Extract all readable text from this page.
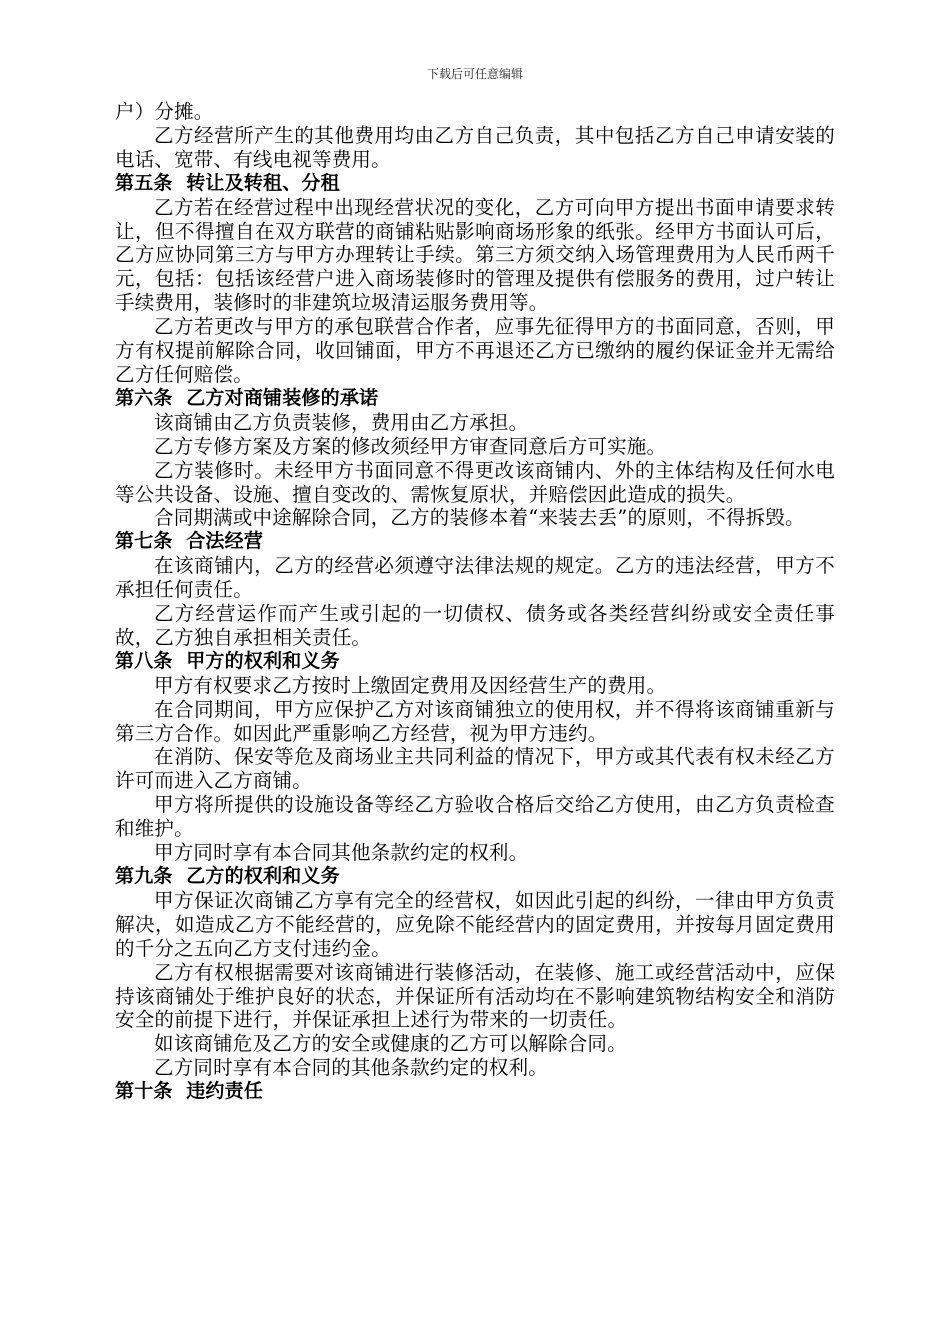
下载后可任意编辑

户）分摊。

乙方经营所产生的其他费用均由乙方自己负责，其中包括乙方自己申请安装的电话、宽带、有线电视等费用。

第五条  转让及转租、分租

乙方若在经营过程中出现经营状况的变化，乙方可向甲方提出书面申请要求转让，但不得擅自在双方联营的商铺粘贴影响商场形象的纸张。经甲方书面认可后，乙方应协同第三方与甲方办理转让手续。第三方须交纳入场管理费用为人民币两千元，包括：包括该经营户进入商场装修时的管理及提供有偿服务的费用，过户转让手续费用，装修时的非建筑垃圾清运服务费用等。

乙方若更改与甲方的承包联营合作者，应事先征得甲方的书面同意，否则，甲方有权提前解除合同，收回铺面，甲方不再退还乙方已缴纳的履约保证金并无需给乙方任何赔偿。

第六条  乙方对商铺装修的承诺

该商铺由乙方负责装修，费用由乙方承担。

乙方专修方案及方案的修改须经甲方审查同意后方可实施。

乙方装修时。未经甲方书面同意不得更改该商铺内、外的主体结构及任何水电等公共设备、设施、擅自变改的、需恢复原状，并赔偿因此造成的损失。

合同期满或中途解除合同，乙方的装修本着“来装去丢”的原则，不得拆毁。

第七条  合法经营

在该商铺内，乙方的经营必须遵守法律法规的规定。乙方的违法经营，甲方不承担任何责任。

乙方经营运作而产生或引起的一切债权、债务或各类经营纠纷或安全责任事故，乙方独自承担相关责任。

第八条  甲方的权利和义务

甲方有权要求乙方按时上缴固定费用及因经营生产的费用。

在合同期间，甲方应保护乙方对该商铺独立的使用权，并不得将该商铺重新与第三方合作。如因此严重影响乙方经营，视为甲方违约。

在消防、保安等危及商场业主共同利益的情况下，甲方或其代表有权未经乙方许可而进入乙方商铺。

甲方将所提供的设施设备等经乙方验收合格后交给乙方使用，由乙方负责检查和维护。

甲方同时享有本合同其他条款约定的权利。

第九条  乙方的权利和义务

甲方保证次商铺乙方享有完全的经营权，如因此引起的纠纷，一律由甲方负责解决，如造成乙方不能经营的，应免除不能经营内的固定费用，并按每月固定费用的千分之五向乙方支付违约金。

乙方有权根据需要对该商铺进行装修活动，在装修、施工或经营活动中，应保持该商铺处于维护良好的状态，并保证所有活动均在不影响建筑物结构安全和消防安全的前提下进行，并保证承担上述行为带来的一切责任。

如该商铺危及乙方的安全或健康的乙方可以解除合同。

乙方同时享有本合同的其他条款约定的权利。

第十条  违约责任
